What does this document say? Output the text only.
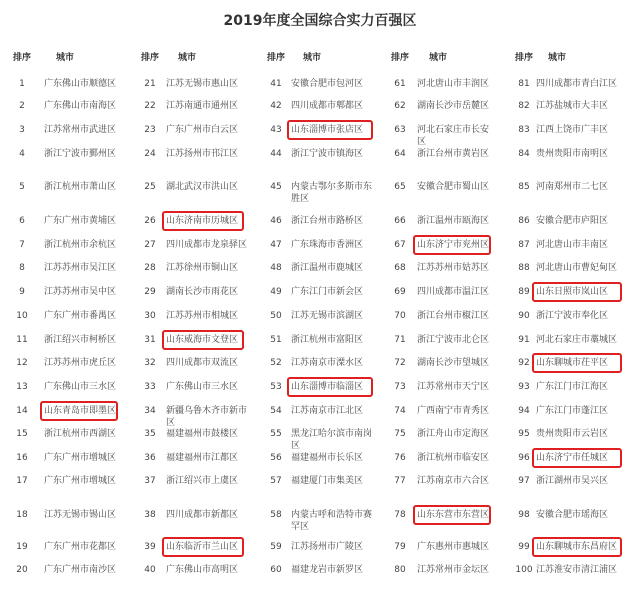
2019年度全国综合实力百强区
排序	城市
1	广东佛山市顺德区
2	广东佛山市南海区
3	江苏常州市武进区
4	浙江宁波市鄞州区
5	浙江杭州市萧山区
6	广东广州市黄埔区
7	浙江杭州市余杭区
8	江苏苏州市吴江区
9	江苏苏州市吴中区
10	广东广州市番禺区
11	浙江绍兴市柯桥区
12	江苏苏州市虎丘区
13	广东佛山市三水区
14	山东青岛市即墨区
15	浙江杭州市西湖区
16	广东广州市增城区
17	广东广州市增城区
18	江苏无锡市锡山区
19	广东广州市花都区
20	广东广州市南沙区
排序	城市
21	江苏无锡市惠山区
22	江苏南通市通州区
23	广东广州市白云区
24	江苏扬州市邗江区
25	湖北武汉市洪山区
26	山东济南市历城区
27	四川成都市龙泉驿区
28	江苏徐州市铜山区
29	湖南长沙市雨花区
30	江苏苏州市相城区
31	山东威海市文登区
32	四川成都市双流区
33	广东佛山市三水区
34	新疆乌鲁木齐市新市区
35	福建福州市鼓楼区
36	福建福州市江都区
37	浙江绍兴市上虞区
38	四川成都市新都区
39	山东临沂市兰山区
40	广东佛山市高明区
排序	城市
41	安徽合肥市包河区
42	四川成都市郫都区
43	山东淄博市张店区
44	浙江宁波市镇海区
45	内蒙古鄂尔多斯市东胜区
46	浙江台州市路桥区
47	广东珠海市香洲区
48	浙江温州市鹿城区
49	广东江门市新会区
50	江苏无锡市滨湖区
51	浙江杭州市富阳区
52	江苏南京市溧水区
53	山东淄博市临淄区
54	江苏南京市江北区
55	黑龙江哈尔滨市南岗区
56	福建福州市长乐区
57	福建厦门市集美区
58	内蒙古呼和浩特市赛罕区
59	江苏扬州市广陵区
60	福建龙岩市新罗区
排序	城市
61	河北唐山市丰润区
62	湖南长沙市岳麓区
63	河北石家庄市长安区
64	浙江台州市黄岩区
65	安徽合肥市蜀山区
66	浙江温州市瓯海区
67	山东济宁市兖州区
68	江苏苏州市姑苏区
69	四川成都市温江区
70	浙江台州市椒江区
71	浙江宁波市北仑区
72	湖南长沙市望城区
73	江苏常州市天宁区
74	广西南宁市青秀区
75	浙江舟山市定海区
76	浙江杭州市临安区
77	江苏南京市六合区
78	山东东营市东营区
79	广东惠州市惠城区
80	江苏常州市金坛区
排序	城市
81 四川成都市青白江区
82 江苏盐城市大丰区
83 江西上饶市广丰区
84 贵州贵阳市南明区
85 河南郑州市二七区
86 安徽合肥市庐阳区
87 河北唐山市丰南区
88 河北唐山市曹妃甸区
89 山东日照市岚山区
90 浙江宁波市奉化区
91 河北石家庄市藁城区
92 山东聊城市茌平区
93 广东江门市江海区
94 广东江门市蓬江区
95 贵州贵阳市云岩区
96 山东济宁市任城区
97 浙江湖州市吴兴区
98 安徽合肥市瑶海区
99 山东聊城市东昌府区
100 江苏淮安市清江浦区
